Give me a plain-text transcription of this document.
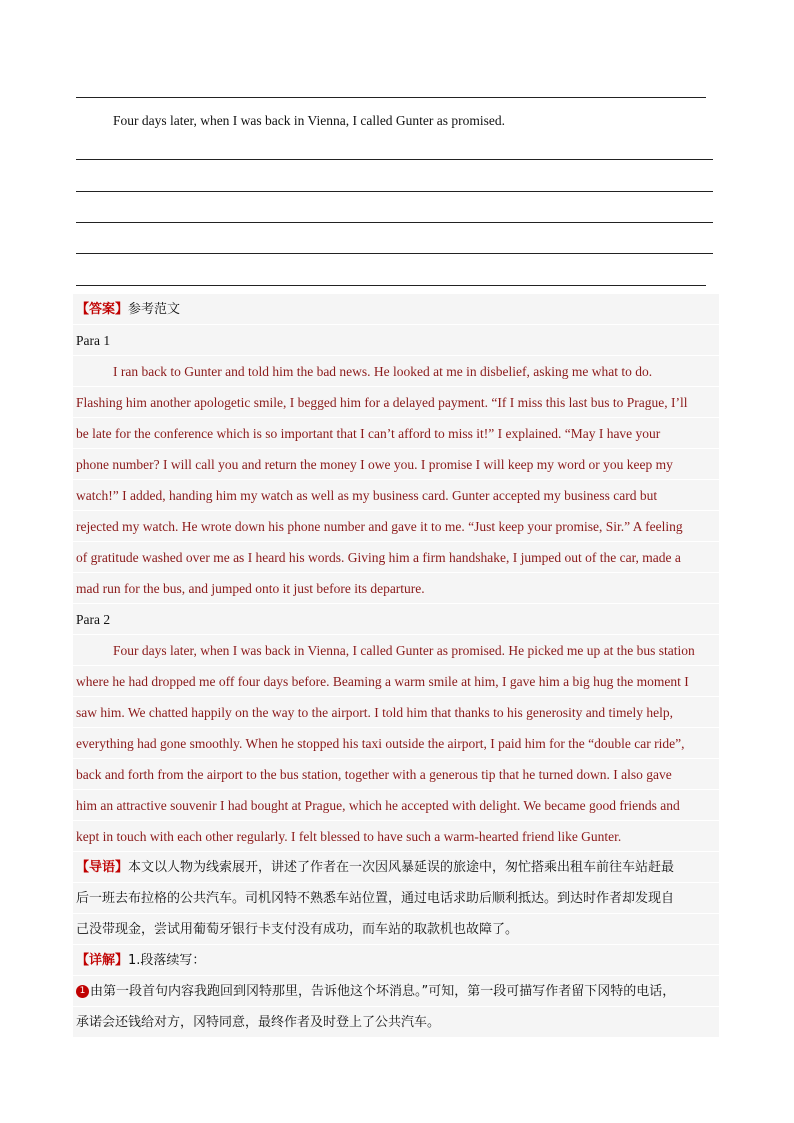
Four days later, when I was back in Vienna, I called Gunter as promised.
【答案】参考范文
Para 1
I ran back to Gunter and told him the bad news. He looked at me in disbelief, asking me what to do.
Flashing him another apologetic smile, I begged him for a delayed payment. “If I miss this last bus to Prague, I’ll
be late for the conference which is so important that I can’t afford to miss it!” I explained. “May I have your
phone number? I will call you and return the money I owe you. I promise I will keep my word or you keep my
watch!” I added, handing him my watch as well as my business card. Gunter accepted my business card but
rejected my watch. He wrote down his phone number and gave it to me. “Just keep your promise, Sir.” A feeling
of gratitude washed over me as I heard his words. Giving him a firm handshake, I jumped out of the car, made a
mad run for the bus, and jumped onto it just before its departure.
Para 2
Four days later, when I was back in Vienna, I called Gunter as promised. He picked me up at the bus station
where he had dropped me off four days before. Beaming a warm smile at him, I gave him a big hug the moment I
saw him. We chatted happily on the way to the airport. I told him that thanks to his generosity and timely help,
everything had gone smoothly. When he stopped his taxi outside the airport, I paid him for the “double car ride”,
back and forth from the airport to the bus station, together with a generous tip that he turned down. I also gave
him an attractive souvenir I had bought at Prague, which he accepted with delight. We became good friends and
kept in touch with each other regularly. I felt blessed to have such a warm-hearted friend like Gunter.
【导语】本文以人物为线索展开，讲述了作者在一次因风暴延误的旅途中，匆忙搭乘出租车前往车站赶最
后一班去布拉格的公共汽车。司机冈特不熟悉车站位置，通过电话求助后顺利抵达。到达时作者却发现自
己没带现金，尝试用葡萄牙银行卡支付没有成功，而车站的取款机也故障了。
【详解】1.段落续写：
1 由第一段首句内容我跑回到冈特那里，告诉他这个坏消息。”可知，第一段可描写作者留下冈特的电话，
承诺会还钱给对方，冈特同意，最终作者及时登上了公共汽车。
